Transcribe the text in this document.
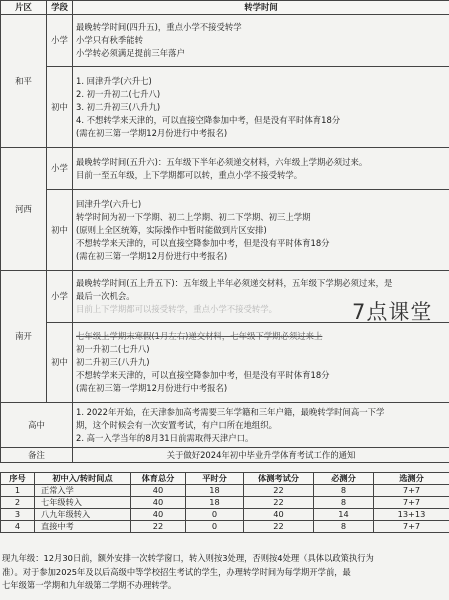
片区	学段	转学时间
和平	小学	最晚转学时间(四升五)，重点小学不接受转学
小学只有秋季能转
小学转必须满足提前三年落户

	初中	1. 回津升学(六升七)
2. 初一升初二(七升八)
3. 初二升初三(八升九)
4. 不想转学来天津的，可以直接空降参加中考，但是没有平时体育18分
(需在初三第一学期12月份进行中考报名)

河西	小学	最晚转学时间(五升六)：五年级下半年必须递交材料，六年级上学期必须过来。
目前一至五年级，上下学期都可以转，重点小学不接受转学。

	初中	回津升学(六升七)
转学时间为初一下学期、初二上学期、初二下学期、初三上学期
(原则上全区统筹，实际操作中暂时能做到片区安排)
不想转学来天津的，可以直接空降参加中考，但是没有平时体育18分
(需在初三第一学期12月份进行中考报名)

南开	小学	最晚转学时间(五上升五下)：五年级上半年必须递交材料，五年级下学期必须过来，是
最后一次机会。
目前上下学期都可以接受转学，重点小学不接受转学。

	初中	七年级上学期末寒假(1月左右)递交材料，七年级下学期必须过来上
初一升初二(七升八)
初二升初三(八升九)
不想转学来天津的，可以直接空降参加中考，但是没有平时体育18分
(需在初三第一学期12月份进行中考报名)

高中		1. 2022年开始，在天津参加高考需要三年学籍和三年户籍，最晚转学时间高一下学
期，这个时候会有一次安置考试，有户口所在地组织。
2. 高一入学当年的8月31日前需取得天津户口。

备注		关于做好2024年初中毕业升学体育考试工作的通知
序号	初中入/转时间点	体育总分	平时分	体测考试分	必测分	选测分
1	正常入学	40	18	22	8	7+7
2	七年级转入	40	18	22	8	7+7
3	八九年级转入	40	0	40	14	13+13
4	直接中考	22	0	22	8	7+7
现九年级：12月30日前，额外安排一次转学窗口，转入则按3处理，否则按4处理（具体以政策执行为
准）。对于参加2025年及以后高级中等学校招生考试的学生，办理转学时间为每学期开学前，最
七年级第一学期和九年级第二学期不办理转学。
7点课堂
